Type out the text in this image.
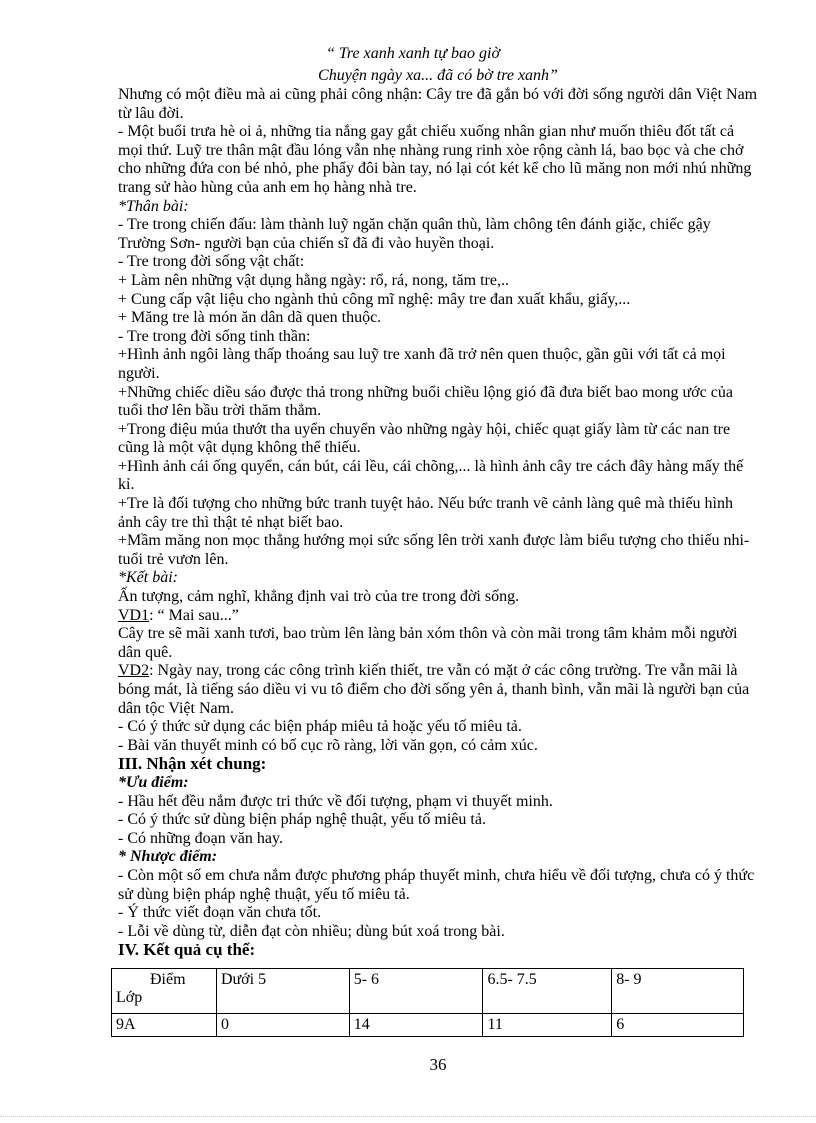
“ Tre xanh xanh tự bao giờ
Chuyện ngày xa... đã có bờ tre xanh”

Nhưng có một điều mà ai cũng phải công nhận: Cây tre đã gắn bó với đời sống người dân Việt Nam từ lâu đời.

- Một buổi trưa hè oi ả, những tia nắng gay gắt chiếu xuống nhân gian như muốn thiêu đốt tất cả mọi thứ. Luỹ tre thân mật đầu lóng vẫn nhẹ nhàng rung rinh xòe rộng cành lá, bao bọc và che chở cho những đứa con bé nhỏ, phe phẩy đôi bàn tay, nó lại cót két kể cho lũ măng non mới nhú những trang sử hào hùng của anh em họ hàng nhà tre.

*Thân bài:

- Tre trong chiến đấu: làm thành luỹ ngăn chặn quân thù, làm chông tên đánh giặc, chiếc gậy Trường Sơn- người bạn của chiến sĩ đã đi vào huyền thoại.

- Tre trong đời sống vật chất:

+ Làm nên những vật dụng hằng ngày: rổ, rá, nong, tăm tre,..

+ Cung cấp vật liệu cho ngành thủ công mĩ nghệ: mây tre đan xuất khẩu, giấy,...

+ Măng tre là món ăn dân dã quen thuộc.

- Tre trong đời sống tinh thần:

+Hình ảnh ngôi làng thấp thoáng sau luỹ tre xanh đã trở nên quen thuộc, gần gũi với tất cả mọi người.

+Những chiếc diều sáo được thả trong những buổi chiều lộng gió đã đưa biết bao mong ước của tuổi thơ lên bầu trời thăm thẳm.

+Trong điệu múa thướt tha uyển chuyển vào những ngày hội, chiếc quạt giấy làm từ các nan tre cũng là một vật dụng không thể thiếu.

+Hình ảnh cái ống quyển, cán bút, cái lều, cái chõng,... là hình ảnh cây tre cách đây hàng mấy thế kỉ.

+Tre là đối tượng cho những bức tranh tuyệt hảo. Nếu bức tranh vẽ cảnh làng quê mà thiếu hình ảnh cây tre thì thật tẻ nhạt biết bao.

+Mầm măng non mọc thẳng hướng mọi sức sống lên trời xanh được làm biểu tượng cho thiếu nhi- tuổi trẻ vươn lên.

*Kết bài:

Ấn tượng, cảm nghĩ, khẳng định vai trò của tre trong đời sống.

VD1: “ Mai sau...”

Cây tre sẽ mãi xanh tươi, bao trùm lên làng bản xóm thôn và còn mãi trong tâm khảm mỗi người dân quê.

VD2: Ngày nay, trong các công trình kiến thiết, tre vẫn có mặt ở các công trường. Tre vẫn mãi là bóng mát, là tiếng sáo diều vi vu tô điểm cho đời sống yên ả, thanh bình, vẫn mãi là người bạn của dân tộc Việt Nam.

- Có ý thức sử dụng các biện pháp miêu tả hoặc yếu tố miêu tả.

- Bài văn thuyết minh có bố cục rõ ràng, lời văn gọn, có cảm xúc.

III. Nhận xét chung:

*Ưu điểm:

- Hầu hết đều nắm được tri thức về đối tượng, phạm vi thuyết minh.

- Có ý thức sử dùng biện pháp nghệ thuật, yếu tố miêu tả.

- Có những đoạn văn hay.

* Nhược điểm:

- Còn một số em chưa nắm được phương pháp thuyết minh, chưa hiểu về đối tượng, chưa có ý thức sử dùng biện pháp nghệ thuật, yếu tố miêu tả.

- Ý thức viết đoạn văn chưa tốt.

- Lỗi về dùng từ, diễn đạt còn nhiều; dùng bút xoá trong bài.

IV. Kết quả cụ thể:

Điểm
Lớp	Dưới 5	5- 6	6.5- 7.5	8- 9
9A	0	14	11	6
36
